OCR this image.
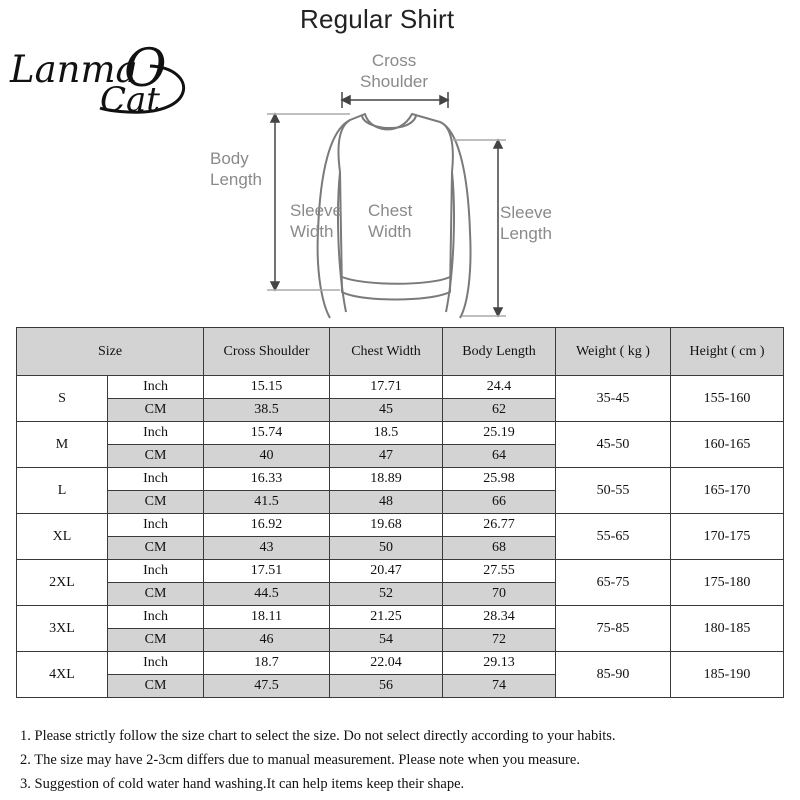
Lanma
O
Cat
Regular Shirt
Cross
Shoulder
Body
Length
Sleeve
Width
Chest
Width
Sleeve
Length
Size		Cross Shoulder	Chest Width	Body Length	Weight ( kg )	Height ( cm )
S	Inch	15.15	17.71	24.4	35-45	155-160
	CM	38.5	45	62		
M	Inch	15.74	18.5	25.19	45-50	160-165
	CM	40	47	64		
L	Inch	16.33	18.89	25.98	50-55	165-170
	CM	41.5	48	66		
XL	Inch	16.92	19.68	26.77	55-65	170-175
	CM	43	50	68		
2XL	Inch	17.51	20.47	27.55	65-75	175-180
	CM	44.5	52	70		
3XL	Inch	18.11	21.25	28.34	75-85	180-185
	CM	46	54	72		
4XL	Inch	18.7	22.04	29.13	85-90	185-190
	CM	47.5	56	74		
1. Please strictly follow the size chart to select the size. Do not select directly according to your habits.
2. The size may have 2-3cm differs due to manual measurement. Please note when you measure.
3. Suggestion of cold water hand washing.It can help items keep their shape.
